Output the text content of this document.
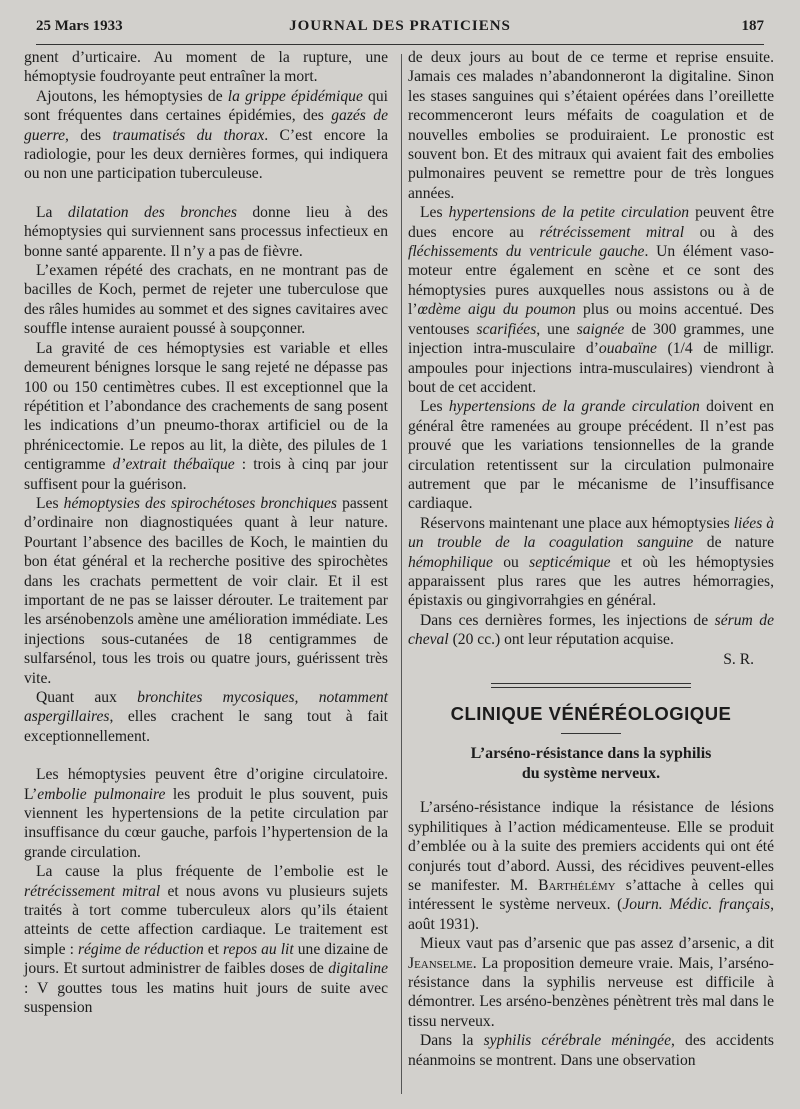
25 Mars 1933	JOURNAL DES PRATICIENS	187

gnent d’urticaire. Au moment de la rupture, une hémoptysie foudroyante peut entraîner la mort.

Ajoutons, les hémoptysies de la grippe épidémique qui sont fréquentes dans certaines épidémies, des gazés de guerre, des traumatisés du thorax. C’est encore la radiologie, pour les deux dernières formes, qui indiquera ou non une participation tuberculeuse.

La dilatation des bronches donne lieu à des hémoptysies qui surviennent sans processus infectieux en bonne santé apparente. Il n’y a pas de fièvre.

L’examen répété des crachats, en ne montrant pas de bacilles de Koch, permet de rejeter une tuberculose que des râles humides au sommet et des signes cavitaires avec souffle intense auraient poussé à soupçonner.

La gravité de ces hémoptysies est variable et elles demeurent bénignes lorsque le sang rejeté ne dépasse pas 100 ou 150 centimètres cubes. Il est exceptionnel que la répétition et l’abondance des crachements de sang posent les indications d’un pneumo-thorax artificiel ou de la phrénicectomie. Le repos au lit, la diète, des pilules de 1 centigramme d’extrait thébaïque : trois à cinq par jour suffisent pour la guérison.

Les hémoptysies des spirochétoses bronchiques passent d’ordinaire non diagnostiquées quant à leur nature. Pourtant l’absence des bacilles de Koch, le maintien du bon état général et la recherche positive des spirochètes dans les crachats permettent de voir clair. Et il est important de ne pas se laisser dérouter. Le traitement par les arsénobenzols amène une amélioration immédiate. Les injections sous-cutanées de 18 centigrammes de sulfarsénol, tous les trois ou quatre jours, guérissent très vite.

Quant aux bronchites mycosiques, notamment aspergillaires, elles crachent le sang tout à fait exceptionnellement.

Les hémoptysies peuvent être d’origine circulatoire. L’embolie pulmonaire les produit le plus souvent, puis viennent les hypertensions de la petite circulation par insuffisance du cœur gauche, parfois l’hypertension de la grande circulation.

La cause la plus fréquente de l’embolie est le rétrécissement mitral et nous avons vu plusieurs sujets traités à tort comme tuberculeux alors qu’ils étaient atteints de cette affection cardiaque. Le traitement est simple : régime de réduction et repos au lit une dizaine de jours. Et surtout administrer de faibles doses de digitaline : V gouttes tous les matins huit jours de suite avec suspension

de deux jours au bout de ce terme et reprise ensuite. Jamais ces malades n’abandonneront la digitaline. Sinon les stases sanguines qui s’étaient opérées dans l’oreillette recommenceront leurs méfaits de coagulation et de nouvelles embolies se produiraient. Le pronostic est souvent bon. Et des mitraux qui avaient fait des embolies pulmonaires peuvent se remettre pour de très longues années.

Les hypertensions de la petite circulation peuvent être dues encore au rétrécissement mitral ou à des fléchissements du ventricule gauche. Un élément vaso-moteur entre également en scène et ce sont des hémoptysies pures auxquelles nous assistons ou à de l’œdème aigu du poumon plus ou moins accentué. Des ventouses scarifiées, une saignée de 300 grammes, une injection intra-musculaire d’ouabaïne (1/4 de milligr. ampoules pour injections intra-musculaires) viendront à bout de cet accident.

Les hypertensions de la grande circulation doivent en général être ramenées au groupe précédent. Il n’est pas prouvé que les variations tensionnelles de la grande circulation retentissent sur la circulation pulmonaire autrement que par le mécanisme de l’insuffisance cardiaque.

Réservons maintenant une place aux hémoptysies liées à un trouble de la coagulation sanguine de nature hémophilique ou septicémique et où les hémoptysies apparaissent plus rares que les autres hémorragies, épistaxis ou gingivorrahgies en général.

Dans ces dernières formes, les injections de sérum de cheval (20 cc.) ont leur réputation acquise.

S. R.

CLINIQUE VÉNÉRÉOLOGIQUE
L’arséno-résistance dans la syphilis
du système nerveux.

L’arséno-résistance indique la résistance de lésions syphilitiques à l’action médicamenteuse. Elle se produit d’emblée ou à la suite des premiers accidents qui ont été conjurés tout d’abord. Aussi, des récidives peuvent-elles se manifester. M. Barthélémy s’attache à celles qui intéressent le système nerveux. (Journ. Médic. français, août 1931).

Mieux vaut pas d’arsenic que pas assez d’arsenic, a dit Jeanselme. La proposition demeure vraie. Mais, l’arséno-résistance dans la syphilis nerveuse est difficile à démontrer. Les arséno-benzènes pénètrent très mal dans le tissu nerveux.

Dans la syphilis cérébrale méningée, des accidents néanmoins se montrent. Dans une observation
